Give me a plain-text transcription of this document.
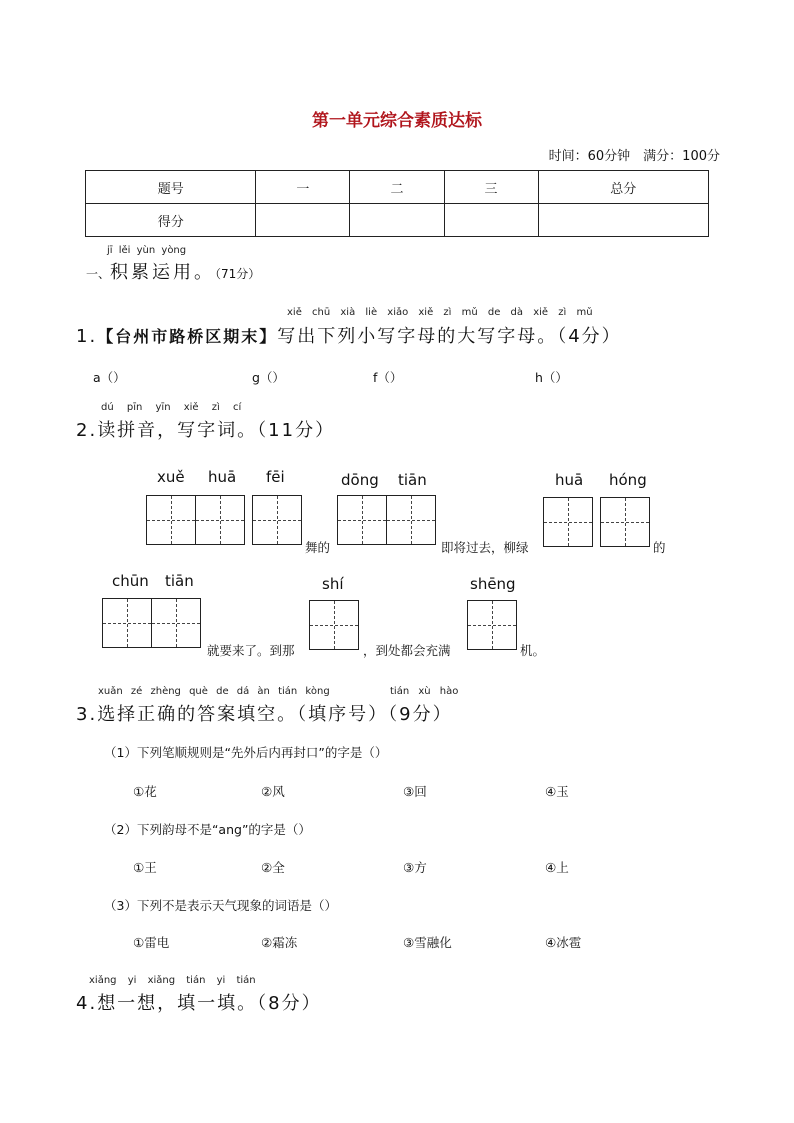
第一单元综合素质达标
时间：60分钟　满分：100分
题号	一	二	三	总分
得分				
jī lěi yùn yòng
一、积累运用。（71分）
xiě chū xià liè xiǎo xiě zì mǔ de dà xiě zì mǔ
1.【台州市路桥区期末】写出下列小写字母的大写字母。（4分）
a（）	g（）	f（）	h（）
dú pīn yīn xiě zì cí
2.读拼音，写字词。（11分）
xuě huā fēi	dōng tiān	huā hóng
舞的	即将过去，柳绿	的
chūn tiān	shí	shēng
就要来了。到那	，到处都会充满	机。
xuǎn zé zhèng què de dá àn tián kòng	tián xù hào
3.选择正确的答案填空。（填序号）（9分）
（1）下列笔顺规则是“先外后内再封口”的字是（）
①花	②风	③回	④玉
（2）下列韵母不是“ang”的字是（）
①王	②全	③方	④上
（3）下列不是表示天气现象的词语是（）
①雷电	②霜冻	③雪融化	④冰雹
xiǎng yi xiǎng tián yi tián
4.想一想，填一填。（8分）
